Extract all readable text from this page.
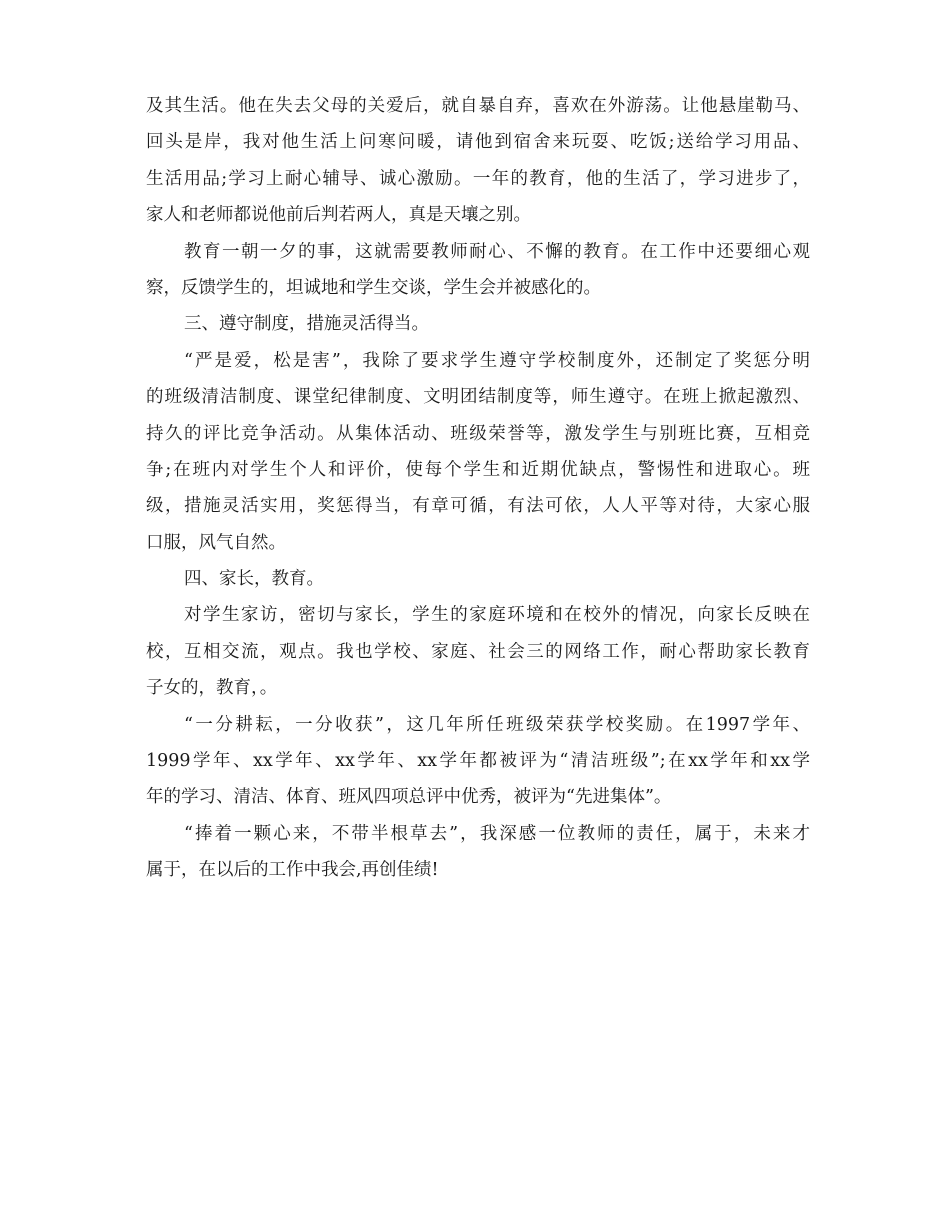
及其生活。他在失去父母的关爱后，就自暴自弃，喜欢在外游荡。让他悬崖勒马、
回头是岸，我对他生活上问寒问暖，请他到宿舍来玩耍、吃饭;送给学习用品、
生活用品;学习上耐心辅导、诚心激励。一年的教育，他的生活了，学习进步了，
家人和老师都说他前后判若两人，真是天壤之别。
教育一朝一夕的事，这就需要教师耐心、不懈的教育。在工作中还要细心观
察，反馈学生的，坦诚地和学生交谈，学生会并被感化的。
三、遵守制度，措施灵活得当。
“严是爱，松是害”，我除了要求学生遵守学校制度外，还制定了奖惩分明
的班级清洁制度、课堂纪律制度、文明团结制度等，师生遵守。在班上掀起激烈、
持久的评比竞争活动。从集体活动、班级荣誉等，激发学生与别班比赛，互相竞
争;在班内对学生个人和评价，使每个学生和近期优缺点，警惕性和进取心。班
级，措施灵活实用，奖惩得当，有章可循，有法可依，人人平等对待，大家心服
口服，风气自然。
四、家长，教育。
对学生家访，密切与家长，学生的家庭环境和在校外的情况，向家长反映在
校，互相交流，观点。我也学校、家庭、社会三的网络工作，耐心帮助家长教育
子女的，教育，。
“一分耕耘，一分收获”，这几年所任班级荣获学校奖励。在1997学年、
1999学年、xx学年、xx学年、xx学年都被评为“清洁班级”;在xx学年和xx学
年的学习、清洁、体育、班风四项总评中优秀，被评为“先进集体”。
“捧着一颗心来，不带半根草去”，我深感一位教师的责任，属于，未来才
属于，在以后的工作中我会,再创佳绩!
